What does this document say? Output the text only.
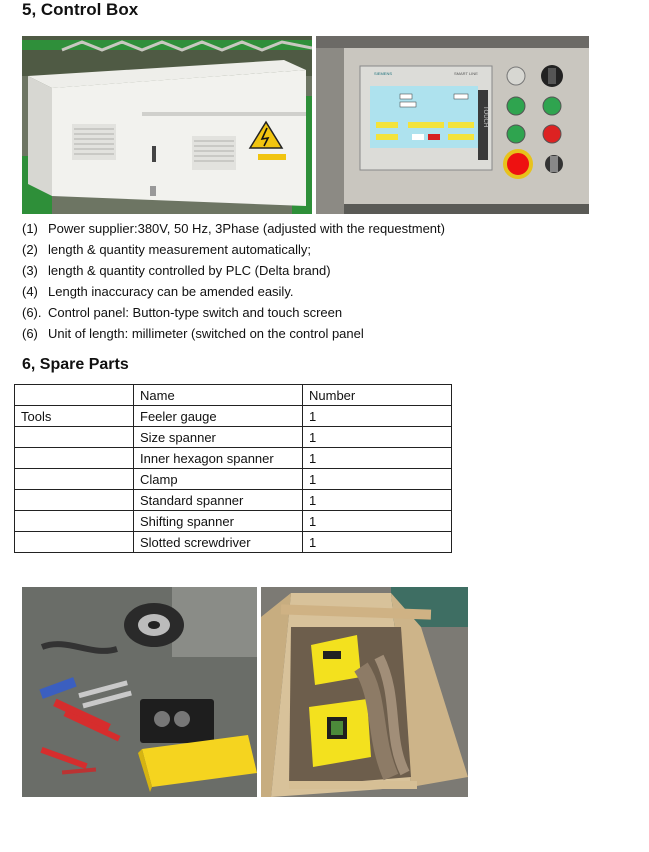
5, Control Box
SIEMENS	SMART LINE
TOUCH
(1) Power supplier:380V, 50 Hz, 3Phase (adjusted with the requestment)
(2) length & quantity measurement automatically;
(3) length & quantity controlled by PLC (Delta brand)
(4) Length inaccuracy can be amended easily.
(6). Control panel: Button-type switch and touch screen
(6) Unit of length: millimeter (switched on the control panel
6, Spare Parts
	Name	Number
Tools	Feeler gauge	1
	Size spanner	1
	Inner hexagon spanner	1
	Clamp	1
	Standard spanner	1
	Shifting spanner	1
	Slotted screwdriver	1
